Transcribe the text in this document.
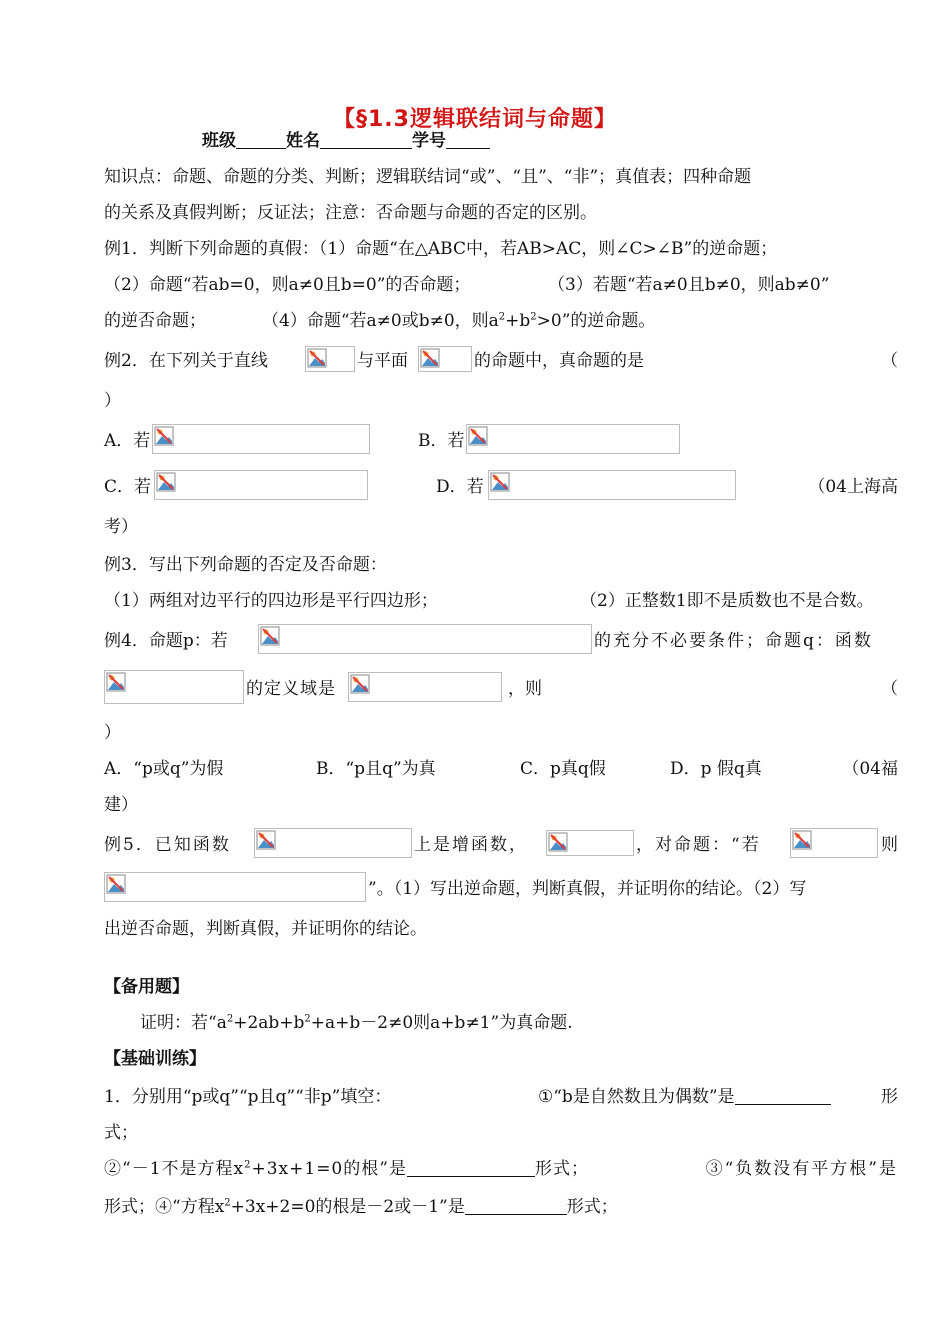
【§1.3逻辑联结词与命题】
班级	姓名	学号
知识点：命题、命题的分类、判断；逻辑联结词“或”、“且”、“非”；真值表；四种命题
的关系及真假判断；反证法；注意：否命题与命题的否定的区别。
例1．判断下列命题的真假：（1）命题“在△ABC中，若AB>AC，则∠C>∠B”的逆命题；
（2）命题“若ab=0，则a≠0且b=0”的否命题；	（3）若题“若a≠0且b≠0，则ab≠0”
的逆否命题；	（4）命题“若a≠0或b≠0，则$a^2+b^2>0$”的逆命题。
例2．在下列关于直线	与平面	的命题中，真命题的是	（
）
A．若	B．若
C．若	D．若	（04上海高
考）
例3．写出下列命题的否定及否命题：
（1）两组对边平行的四边形是平行四边形；	（2）正整数1即不是质数也不是合数。
例4．命题p：若	的充分不必要条件；命题q：函数
的定义域是	，则	（
）
A．“p或q”为假	B．“p且q”为真	C．p真q假	D．p 假q真	（04福
建）
例5．已知函数	上是增函数，	，对命题：“若	则
”。（1）写出逆命题，判断真假，并证明你的结论。（2）写
出逆否命题，判断真假，并证明你的结论。
【备用题】
证明：若“$a^2+2ab+b^2+a+b-2\ne 0$则a+b≠1”为真命题.
【基础训练】
1．分别用“p或q”“p且q”“非p”填空：	①“b是自然数且为偶数”是	形
式；
②“－1不是方程$x^2+3x+1=0$的根”是	形式；	③“负数没有平方根”是
形式；④“方程$x^2+3x+2=0$的根是－2或－1”是	形式；
